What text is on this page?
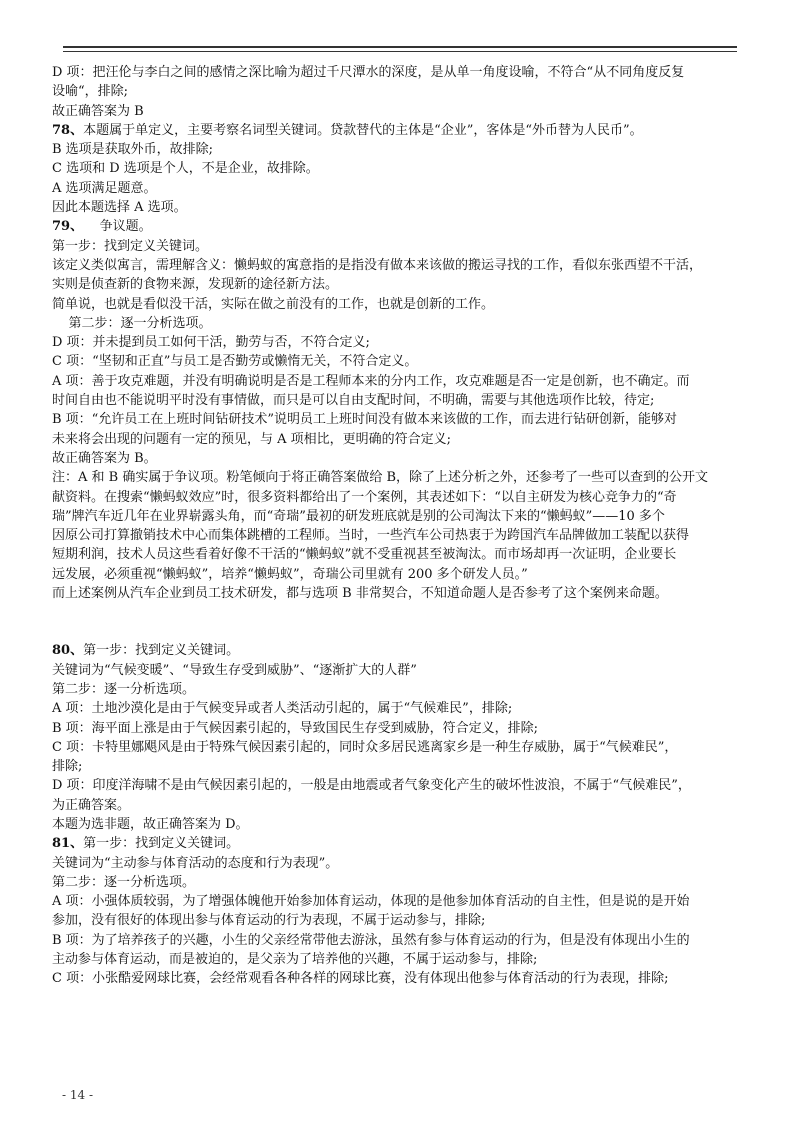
D 项：把汪伦与李白之间的感情之深比喻为超过千尺潭水的深度，是从单一角度设喻，不符合“从不同角度反复
设喻“，排除;
故正确答案为 B
78、本题属于单定义，主要考察名词型关键词。贷款替代的主体是“企业”，客体是“外币替为人民币”。
B 选项是获取外币，故排除;
C 选项和 D 选项是个人，不是企业，故排除。
A 选项满足题意。
因此本题选择 A 选项。
79、    争议题。
第一步：找到定义关键词。
该定义类似寓言，需理解含义：懒蚂蚁的寓意指的是指没有做本来该做的搬运寻找的工作，看似东张西望不干活，
实则是侦查新的食物来源，发现新的途径新方法。
简单说，也就是看似没干活，实际在做之前没有的工作，也就是创新的工作。
第二步：逐一分析选项。
D 项：并未提到员工如何干活，勤劳与否，不符合定义;
C 项：“坚韧和正直”与员工是否勤劳或懒惰无关，不符合定义。
A 项：善于攻克难题，并没有明确说明是否是工程师本来的分内工作，攻克难题是否一定是创新，也不确定。而
时间自由也不能说明平时没有事情做，而只是可以自由支配时间，不明确，需要与其他选项作比较，待定;
B 项：“允许员工在上班时间钻研技术”说明员工上班时间没有做本来该做的工作，而去进行钻研创新，能够对
未来将会出现的问题有一定的预见，与 A 项相比，更明确的符合定义;
故正确答案为 B。
注：A 和 B 确实属于争议项。粉笔倾向于将正确答案做给 B，除了上述分析之外，还参考了一些可以查到的公开文
献资料。在搜索“懒蚂蚁效应”时，很多资料都给出了一个案例，其表述如下：“以自主研发为核心竞争力的“奇
瑞”牌汽车近几年在业界崭露头角，而“奇瑞”最初的研发班底就是别的公司淘汰下来的“懒蚂蚁”——10 多个
因原公司打算撤销技术中心而集体跳槽的工程师。当时，一些汽车公司热衷于为跨国汽车品牌做加工装配以获得
短期利润，技术人员这些看着好像不干活的“懒蚂蚁”就不受重视甚至被淘汰。而市场却再一次证明，企业要长
远发展，必须重视“懒蚂蚁”，培养“懒蚂蚁”，奇瑞公司里就有 200 多个研发人员。”
而上述案例从汽车企业到员工技术研发，都与选项 B 非常契合，不知道命题人是否参考了这个案例来命题。
80、第一步：找到定义关键词。
关键词为“气候变暖”、“导致生存受到威胁”、“逐渐扩大的人群”
第二步：逐一分析选项。
A 项：土地沙漠化是由于气候变异或者人类活动引起的，属于“气候难民”，排除;
B 项：海平面上涨是由于气候因素引起的，导致国民生存受到威胁，符合定义，排除;
C 项：卡特里娜飓风是由于特殊气候因素引起的，同时众多居民逃离家乡是一种生存威胁，属于“气候难民”，
排除;
D 项：印度洋海啸不是由气候因素引起的，一般是由地震或者气象变化产生的破坏性波浪，不属于“气候难民”，
为正确答案。
本题为选非题，故正确答案为 D。
81、第一步：找到定义关键词。
关键词为“主动参与体育活动的态度和行为表现”。
第二步：逐一分析选项。
A 项：小强体质较弱，为了增强体魄他开始参加体育运动，体现的是他参加体育活动的自主性，但是说的是开始
参加，没有很好的体现出参与体育运动的行为表现，不属于运动参与，排除;
B 项：为了培养孩子的兴趣，小生的父亲经常带他去游泳，虽然有参与体育运动的行为，但是没有体现出小生的
主动参与体育运动，而是被迫的，是父亲为了培养他的兴趣，不属于运动参与，排除;
C 项：小张酷爱网球比赛，会经常观看各种各样的网球比赛，没有体现出他参与体育活动的行为表现，排除;
- 14 -
